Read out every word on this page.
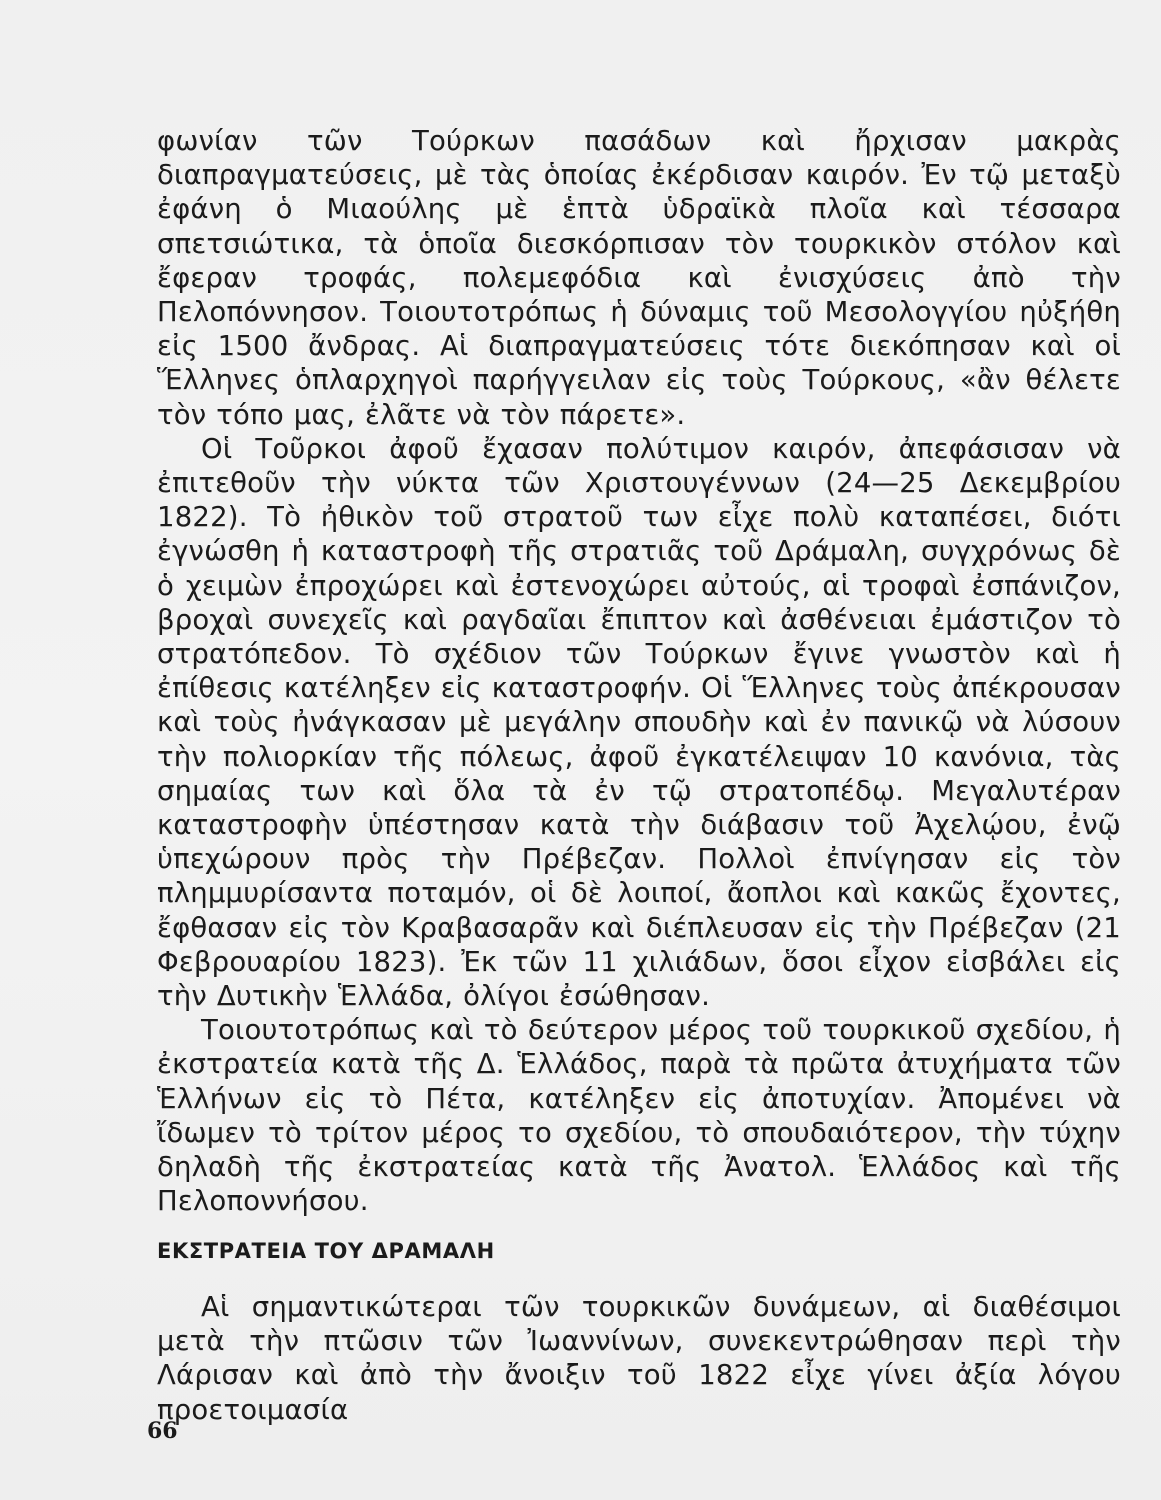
φωνίαν τῶν Τούρκων πασάδων καὶ ἤρχισαν μακρὰς διαπραγματεύσεις, μὲ τὰς ὁποίας ἐκέρδισαν καιρόν. Ἐν τῷ μεταξὺ ἐφάνη ὁ Μιαούλης μὲ ἑπτὰ ὑδραϊκὰ πλοῖα καὶ τέσσαρα σπετσιώτικα, τὰ ὁποῖα διεσκόρπισαν τὸν τουρκικὸν στόλον καὶ ἔφεραν τροφάς, πολεμεφόδια καὶ ἐνισχύσεις ἀπὸ τὴν Πελοπόννησον. Τοιουτοτρόπως ἡ δύναμις τοῦ Μεσολογγίου ηὐξήθη εἰς 1500 ἄνδρας. Αἱ διαπραγματεύσεις τότε διεκόπησαν καὶ οἱ Ἕλληνες ὁπλαρχηγοὶ παρήγγειλαν εἰς τοὺς Τούρκους, «ἂν θέλετε τὸν τόπο μας, ἐλᾶτε νὰ τὸν πάρετε».

Οἱ Τοῦρκοι ἀφοῦ ἔχασαν πολύτιμον καιρόν, ἀπεφάσισαν νὰ ἐπιτεθοῦν τὴν νύκτα τῶν Χριστουγέννων (24—25 Δεκεμβρίου 1822). Τὸ ἠθικὸν τοῦ στρατοῦ των εἶχε πολὺ καταπέσει, διότι ἐγνώσθη ἡ καταστροφὴ τῆς στρατιᾶς τοῦ Δράμαλη, συγχρόνως δὲ ὁ χειμὼν ἐπροχώρει καὶ ἐστενοχώρει αὐτούς, αἱ τροφαὶ ἐσπάνιζον, βροχαὶ συνεχεῖς καὶ ραγδαῖαι ἔπιπτον καὶ ἀσθένειαι ἐμάστιζον τὸ στρατόπεδον. Τὸ σχέδιον τῶν Τούρκων ἔγινε γνωστὸν καὶ ἡ ἐπίθεσις κατέληξεν εἰς καταστροφήν. Οἱ Ἕλληνες τοὺς ἀπέκρουσαν καὶ τοὺς ἠνάγκασαν μὲ μεγάλην σπουδὴν καὶ ἐν πανικῷ νὰ λύσουν τὴν πολιορκίαν τῆς πόλεως, ἀφοῦ ἐγκατέλειψαν 10 κανόνια, τὰς σημαίας των καὶ ὅλα τὰ ἐν τῷ στρατοπέδῳ. Μεγαλυτέραν καταστροφὴν ὑπέστησαν κατὰ τὴν διάβασιν τοῦ Ἀχελῴου, ἐνῷ ὑπεχώρουν πρὸς τὴν Πρέβεζαν. Πολλοὶ ἐπνίγησαν εἰς τὸν πλημμυρίσαντα ποταμόν, οἱ δὲ λοιποί, ἄοπλοι καὶ κακῶς ἔχοντες, ἔφθασαν εἰς τὸν Κραβασαρᾶν καὶ διέπλευσαν εἰς τὴν Πρέβεζαν (21 Φεβρουαρίου 1823). Ἐκ τῶν 11 χιλιάδων, ὅσοι εἶχον εἰσβάλει εἰς τὴν Δυτικὴν Ἑλλάδα, ὀλίγοι ἐσώθησαν.

Τοιουτοτρόπως καὶ τὸ δεύτερον μέρος τοῦ τουρκικοῦ σχεδίου, ἡ ἐκστρατεία κατὰ τῆς Δ. Ἑλλάδος, παρὰ τὰ πρῶτα ἀτυχήματα τῶν Ἑλλήνων εἰς τὸ Πέτα, κατέληξεν εἰς ἀποτυχίαν. Ἀπομένει νὰ ἴδωμεν τὸ τρίτον μέρος το σχεδίου, τὸ σπουδαιότερον, τὴν τύχην δηλαδὴ τῆς ἐκστρατείας κατὰ τῆς Ἀνατολ. Ἑλλάδος καὶ τῆς Πελοποννήσου.

ΕΚΣΤΡΑΤΕΙΑ ΤΟΥ ΔΡΑΜΑΛΗ

Αἱ σημαντικώτεραι τῶν τουρκικῶν δυνάμεων, αἱ διαθέσιμοι μετὰ τὴν πτῶσιν τῶν Ἰωαννίνων, συνεκεντρώθησαν περὶ τὴν Λάρισαν καὶ ἀπὸ τὴν ἄνοιξιν τοῦ 1822 εἶχε γίνει ἀξία λόγου προετοιμασία

66
